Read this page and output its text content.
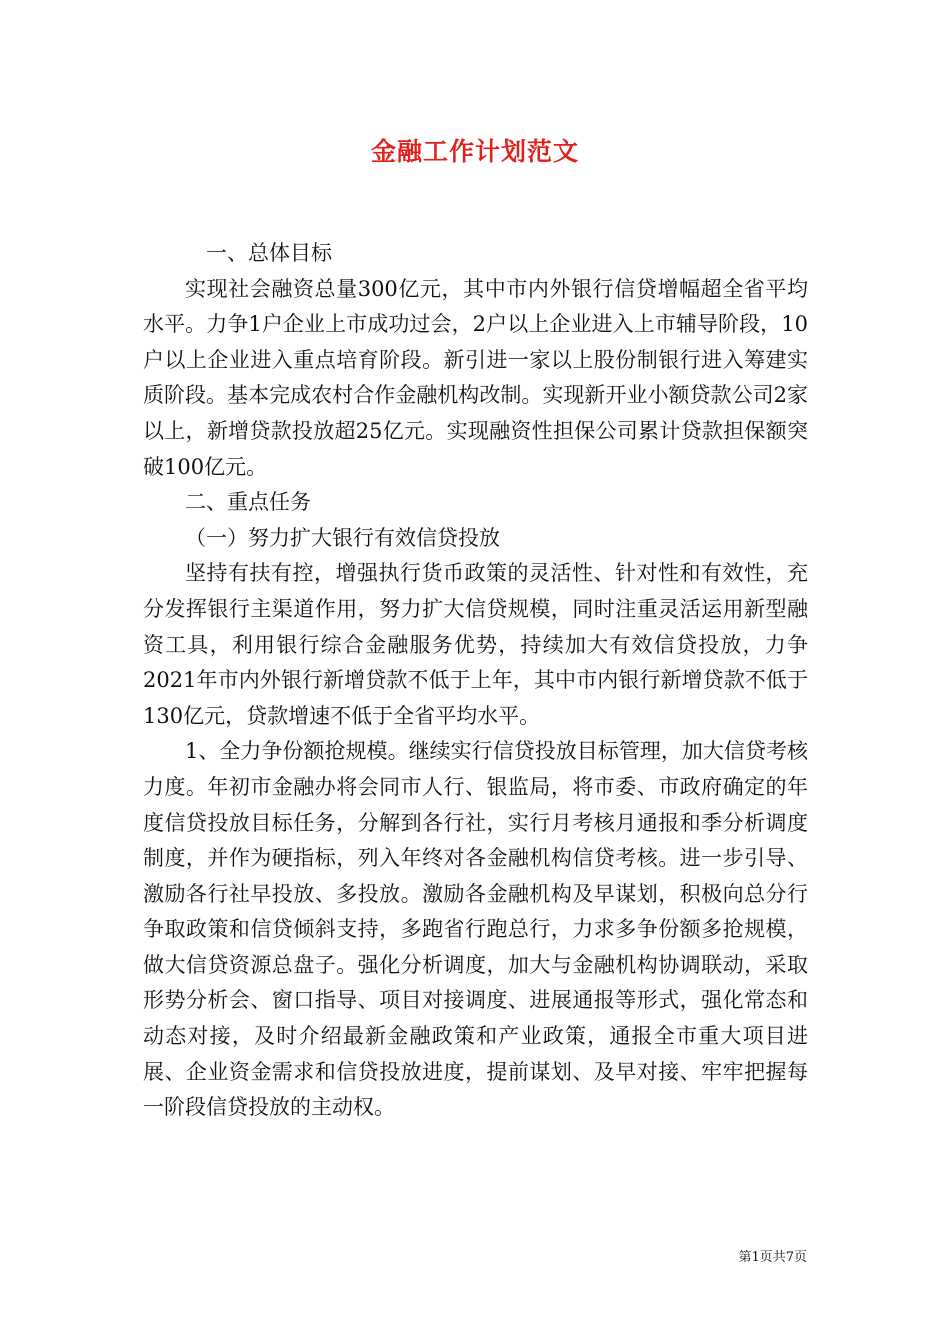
金融工作计划范文

一、总体目标

实现社会融资总量300亿元，其中市内外银行信贷增幅超全省平均水平。力争1户企业上市成功过会，2户以上企业进入上市辅导阶段，10户以上企业进入重点培育阶段。新引进一家以上股份制银行进入筹建实质阶段。基本完成农村合作金融机构改制。实现新开业小额贷款公司2家以上，新增贷款投放超25亿元。实现融资性担保公司累计贷款担保额突破100亿元。

二、重点任务

（一）努力扩大银行有效信贷投放

坚持有扶有控，增强执行货币政策的灵活性、针对性和有效性，充分发挥银行主渠道作用，努力扩大信贷规模，同时注重灵活运用新型融资工具，利用银行综合金融服务优势，持续加大有效信贷投放，力争2021年市内外银行新增贷款不低于上年，其中市内银行新增贷款不低于130亿元，贷款增速不低于全省平均水平。

1、全力争份额抢规模。继续实行信贷投放目标管理，加大信贷考核力度。年初市金融办将会同市人行、银监局，将市委、市政府确定的年度信贷投放目标任务，分解到各行社，实行月考核月通报和季分析调度制度，并作为硬指标，列入年终对各金融机构信贷考核。进一步引导、激励各行社早投放、多投放。激励各金融机构及早谋划，积极向总分行争取政策和信贷倾斜支持，多跑省行跑总行，力求多争份额多抢规模，做大信贷资源总盘子。强化分析调度，加大与金融机构协调联动，采取形势分析会、窗口指导、项目对接调度、进展通报等形式，强化常态和动态对接，及时介绍最新金融政策和产业政策，通报全市重大项目进展、企业资金需求和信贷投放进度，提前谋划、及早对接、牢牢把握每一阶段信贷投放的主动权。

第1页共7页
